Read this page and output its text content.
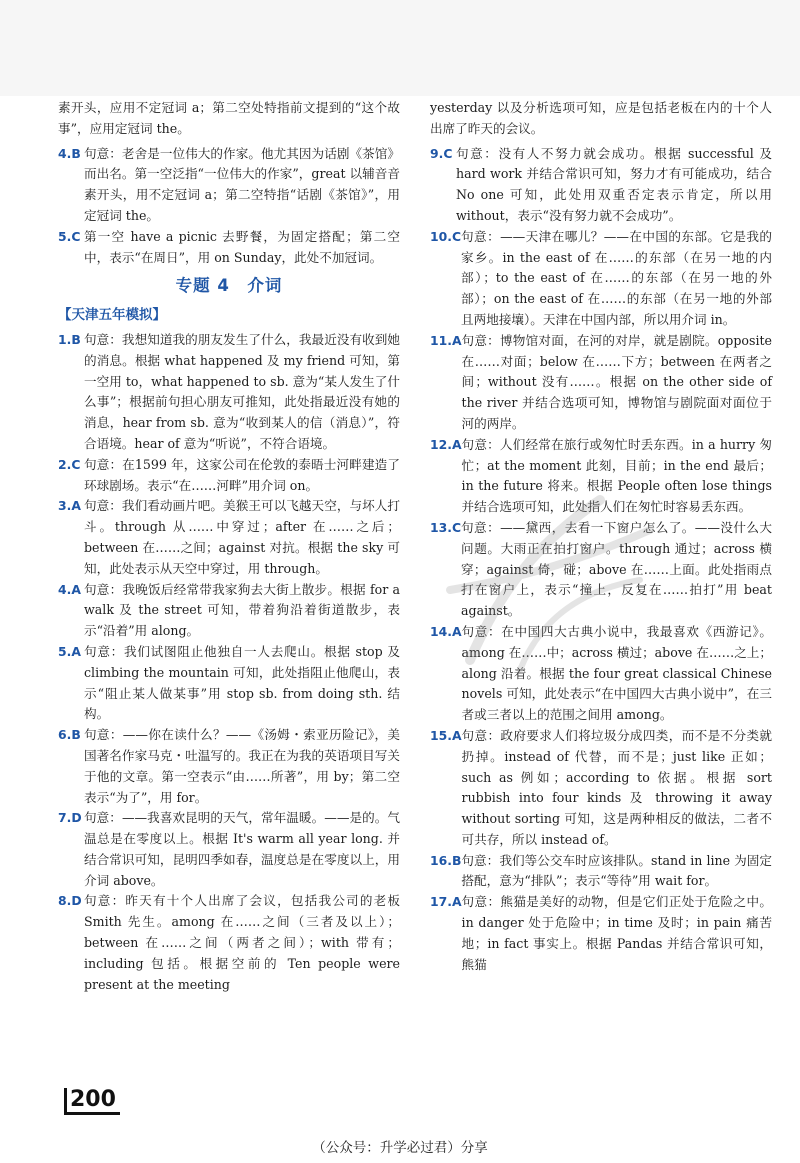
素开头，应用不定冠词 a；第二空处特指前文提到的“这个故事”，应用定冠词 the。

4.B 句意：老舍是一位伟大的作家。他尤其因为话剧《茶馆》而出名。第一空泛指“一位伟大的作家”，great 以辅音音素开头，用不定冠词 a；第二空特指“话剧《茶馆》”，用定冠词 the。
5.C 第一空 have a picnic 去野餐，为固定搭配；第二空中，表示“在周日”，用 on Sunday，此处不加冠词。
专题 4　介词
【天津五年模拟】
1.B 句意：我想知道我的朋友发生了什么，我最近没有收到她的消息。根据 what happened 及 my friend 可知，第一空用 to，what happened to sb. 意为“某人发生了什么事”；根据前句担心朋友可推知，此处指最近没有她的消息，hear from sb. 意为“收到某人的信（消息）”，符合语境。hear of 意为“听说”，不符合语境。
2.C 句意：在1599 年，这家公司在伦敦的泰晤士河畔建造了环球剧场。表示“在……河畔”用介词 on。
3.A 句意：我们看动画片吧。美猴王可以飞越天空，与坏人打斗。through 从……中穿过；after 在……之后；between 在……之间；against 对抗。根据 the sky 可知，此处表示从天空中穿过，用 through。
4.A 句意：我晚饭后经常带我家狗去大街上散步。根据 for a walk 及 the street 可知，带着狗沿着街道散步，表示“沿着”用 along。
5.A 句意：我们试图阻止他独自一人去爬山。根据 stop 及 climbing the mountain 可知，此处指阻止他爬山，表示“阻止某人做某事”用 stop sb. from doing sth. 结构。
6.B 句意：——你在读什么？——《汤姆・索亚历险记》，美国著名作家马克・吐温写的。我正在为我的英语项目写关于他的文章。第一空表示“由……所著”，用 by；第二空表示“为了”，用 for。
7.D 句意：——我喜欢昆明的天气，常年温暖。——是的。气温总是在零度以上。根据 It's warm all year long. 并结合常识可知，昆明四季如春，温度总是在零度以上，用介词 above。
8.D 句意：昨天有十个人出席了会议，包括我公司的老板 Smith 先生。among 在……之间（三者及以上）；between 在……之间（两者之间）；with 带有；including 包括。根据空前的 Ten people were present at the meeting

yesterday 以及分析选项可知，应是包括老板在内的十个人出席了昨天的会议。

9.C 句意：没有人不努力就会成功。根据 successful 及 hard work 并结合常识可知，努力才有可能成功，结合 No one 可知，此处用双重否定表示肯定，所以用 without，表示“没有努力就不会成功”。
10.C 句意：——天津在哪儿？——在中国的东部。它是我的家乡。in the east of 在……的东部（在另一地的内部）；to the east of 在……的东部（在另一地的外部）；on the east of 在……的东部（在另一地的外部且两地接壤）。天津在中国内部，所以用介词 in。
11.A 句意：博物馆对面，在河的对岸，就是剧院。opposite 在……对面；below 在……下方；between 在两者之间；without 没有……。根据 on the other side of the river 并结合选项可知，博物馆与剧院面对面位于河的两岸。
12.A 句意：人们经常在旅行或匆忙时丢东西。in a hurry 匆忙；at the moment 此刻，目前；in the end 最后；in the future 将来。根据 People often lose things 并结合选项可知，此处指人们在匆忙时容易丢东西。
13.C 句意：——黛西，去看一下窗户怎么了。——没什么大问题。大雨正在拍打窗户。through 通过；across 横穿；against 倚，碰；above 在……上面。此处指雨点打在窗户上，表示“撞上，反复在……拍打”用 beat against。
14.A 句意：在中国四大古典小说中，我最喜欢《西游记》。among 在……中；across 横过；above 在……之上；along 沿着。根据 the four great classical Chinese novels 可知，此处表示“在中国四大古典小说中”，在三者或三者以上的范围之间用 among。
15.A 句意：政府要求人们将垃圾分成四类，而不是不分类就扔掉。instead of 代替，而不是；just like 正如；such as 例如；according to 依据。根据 sort rubbish into four kinds 及 throwing it away without sorting 可知，这是两种相反的做法，二者不可共存，所以 instead of。
16.B 句意：我们等公交车时应该排队。stand in line 为固定搭配，意为“排队”；表示“等待”用 wait for。
17.A 句意：熊猫是美好的动物，但是它们正处于危险之中。in danger 处于危险中；in time 及时；in pain 痛苦地；in fact 事实上。根据 Pandas 并结合常识可知，熊猫
200
（公众号：升学必过君）分享
